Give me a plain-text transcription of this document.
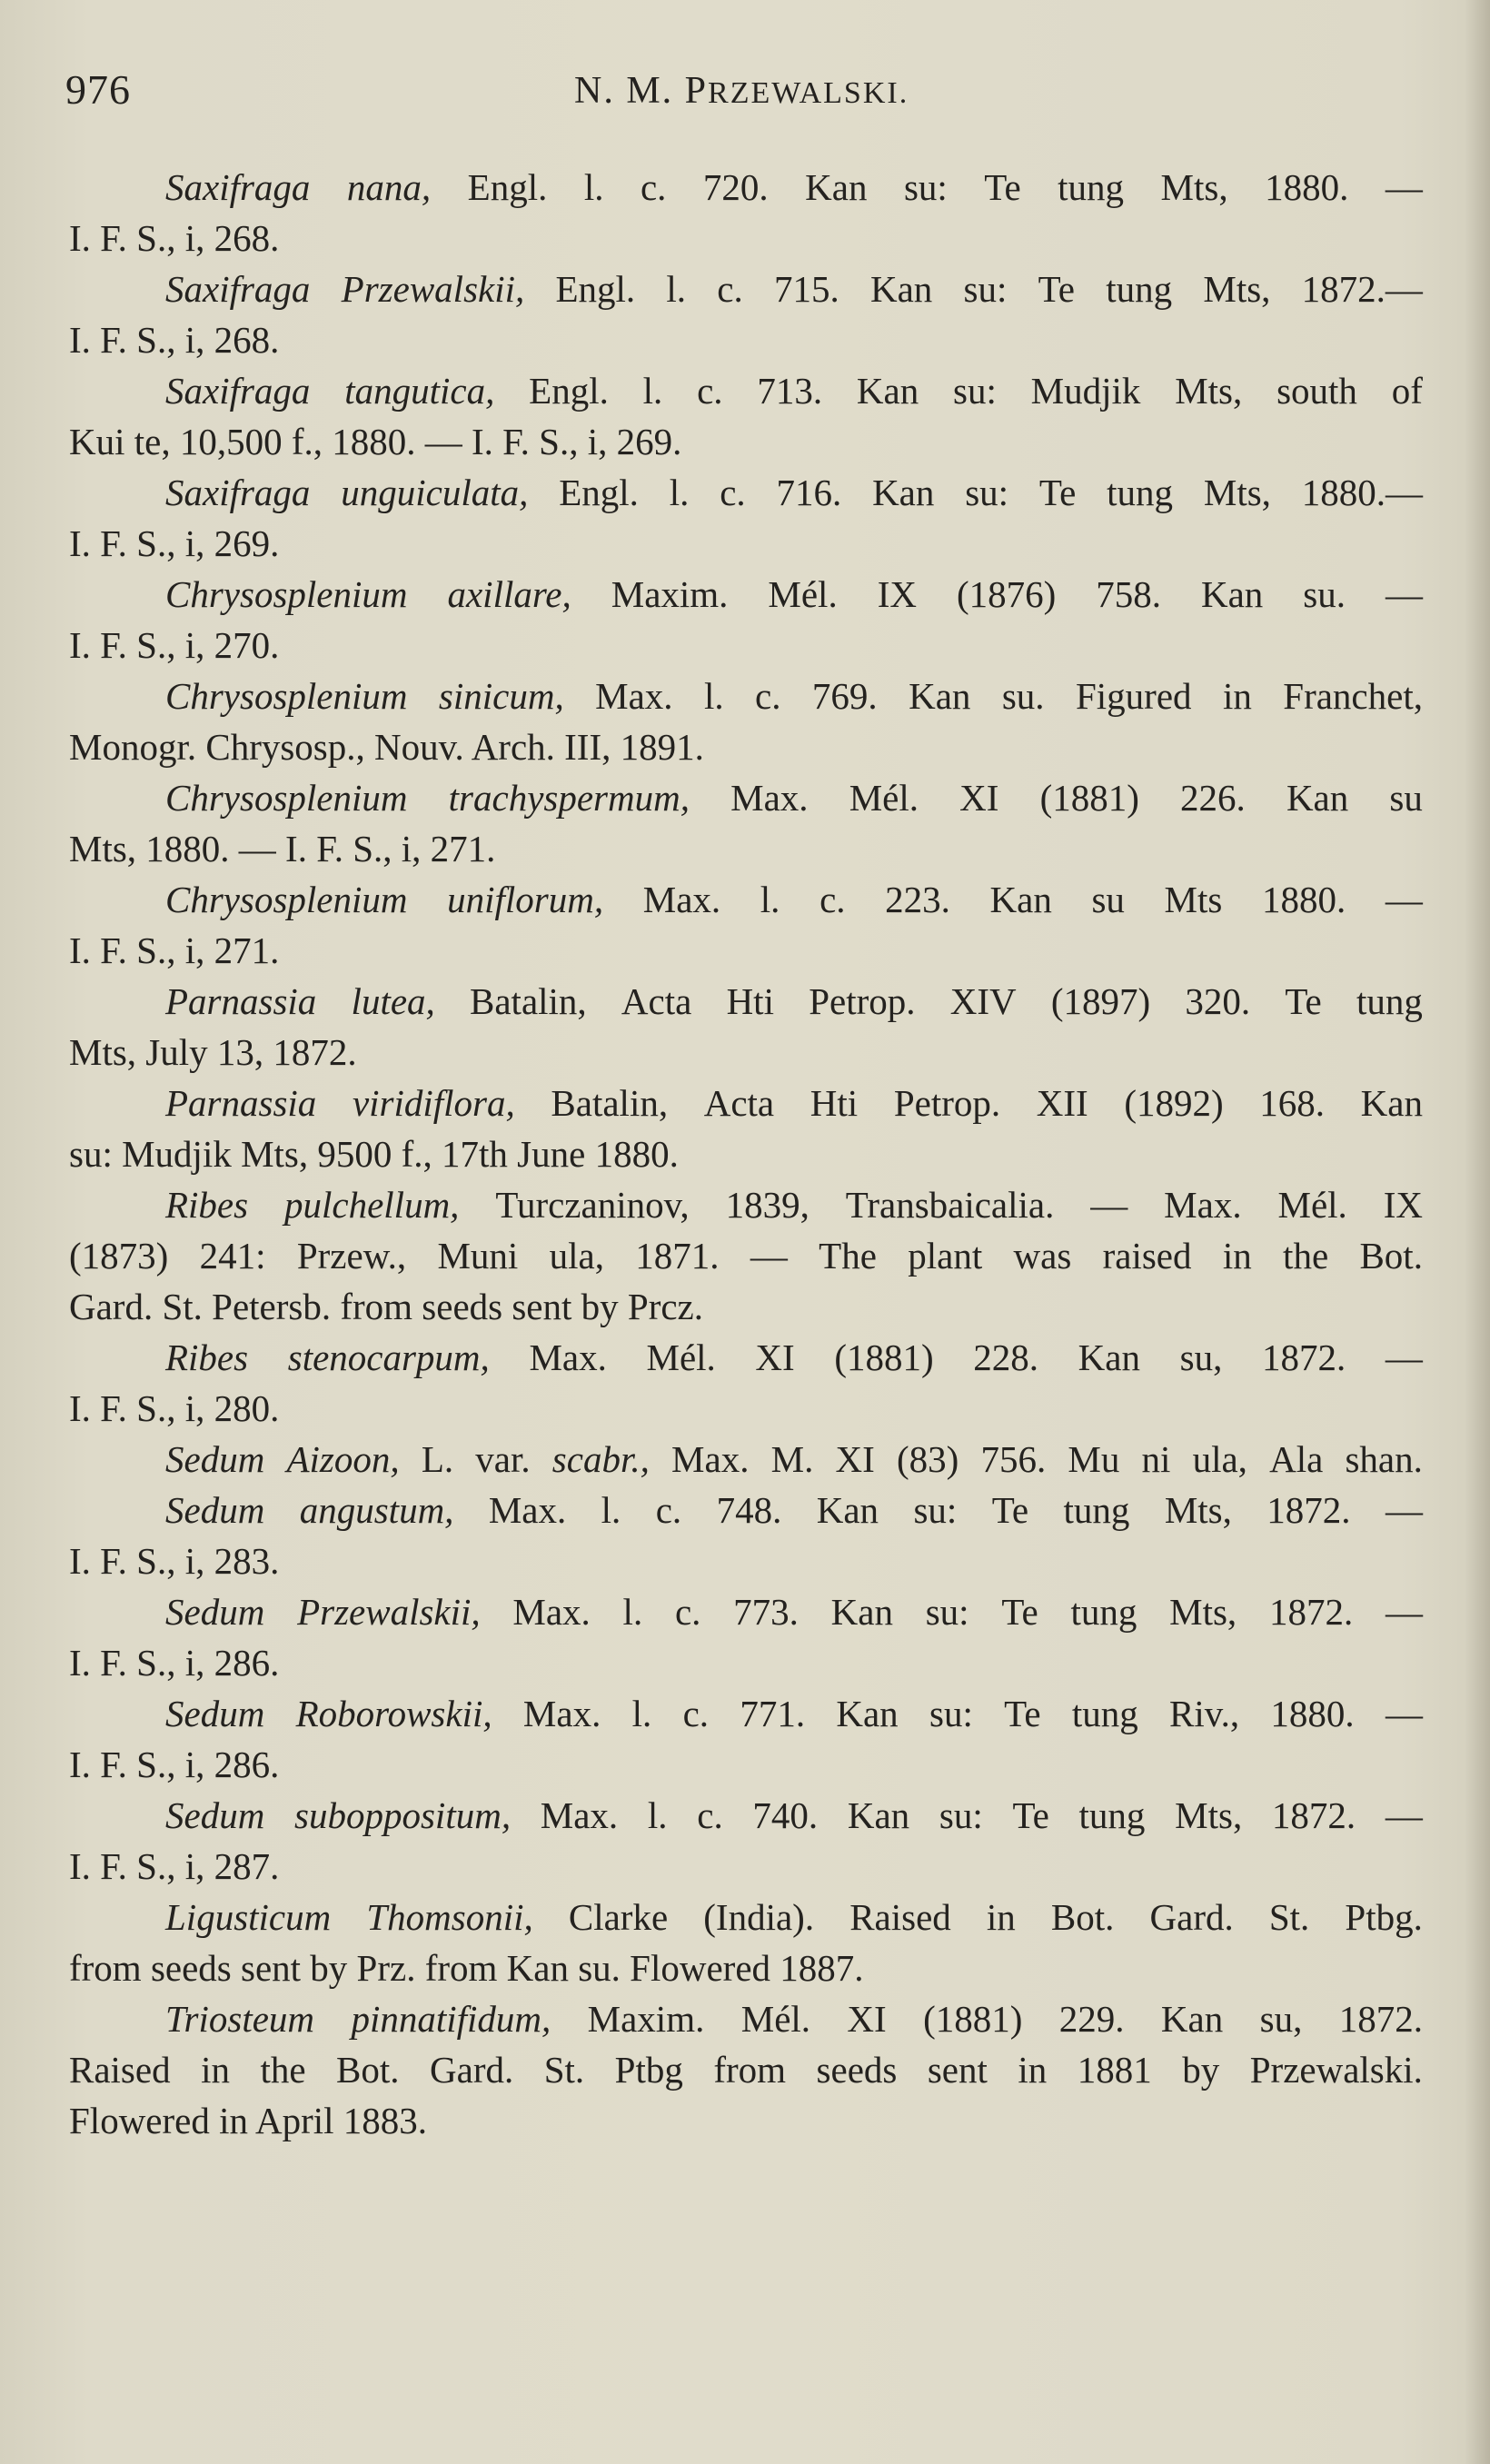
976	N. M. PRZEWALSKI.
Saxifraga nana, Engl. l. c. 720. Kan su: Te tung Mts, 1880. —
I. F. S., i, 268.
Saxifraga Przewalskii, Engl. l. c. 715. Kan su: Te tung Mts, 1872.—
I. F. S., i, 268.
Saxifraga tangutica, Engl. l. c. 713. Kan su: Mudjik Mts, south of
Kui te, 10,500 f., 1880. — I. F. S., i, 269.
Saxifraga unguiculata, Engl. l. c. 716. Kan su: Te tung Mts, 1880.—
I. F. S., i, 269.
Chrysosplenium axillare, Maxim. Mél. IX (1876) 758. Kan su. —
I. F. S., i, 270.
Chrysosplenium sinicum, Max. l. c. 769. Kan su. Figured in Franchet,
Monogr. Chrysosp., Nouv. Arch. III, 1891.
Chrysosplenium trachyspermum, Max. Mél. XI (1881) 226. Kan su
Mts, 1880. — I. F. S., i, 271.
Chrysosplenium uniflorum, Max. l. c. 223. Kan su Mts 1880. —
I. F. S., i, 271.
Parnassia lutea, Batalin, Acta Hti Petrop. XIV (1897) 320. Te tung
Mts, July 13, 1872.
Parnassia viridiflora, Batalin, Acta Hti Petrop. XII (1892) 168. Kan
su: Mudjik Mts, 9500 f., 17th June 1880.
Ribes pulchellum, Turczaninov, 1839, Transbaicalia. — Max. Mél. IX
(1873) 241: Przew., Muni ula, 1871. — The plant was raised in the Bot.
Gard. St. Petersb. from seeds sent by Prcz.
Ribes stenocarpum, Max. Mél. XI (1881) 228. Kan su, 1872. —
I. F. S., i, 280.
Sedum Aizoon, L. var. scabr., Max. M. XI (83) 756. Mu ni ula, Ala shan.
Sedum angustum, Max. l. c. 748. Kan su: Te tung Mts, 1872. —
I. F. S., i, 283.
Sedum Przewalskii, Max. l. c. 773. Kan su: Te tung Mts, 1872. —
I. F. S., i, 286.
Sedum Roborowskii, Max. l. c. 771. Kan su: Te tung Riv., 1880. —
I. F. S., i, 286.
Sedum suboppositum, Max. l. c. 740. Kan su: Te tung Mts, 1872. —
I. F. S., i, 287.
Ligusticum Thomsonii, Clarke (India). Raised in Bot. Gard. St. Ptbg.
from seeds sent by Prz. from Kan su. Flowered 1887.
Triosteum pinnatifidum, Maxim. Mél. XI (1881) 229. Kan su, 1872.
Raised in the Bot. Gard. St. Ptbg from seeds sent in 1881 by Przewalski.
Flowered in April 1883.
